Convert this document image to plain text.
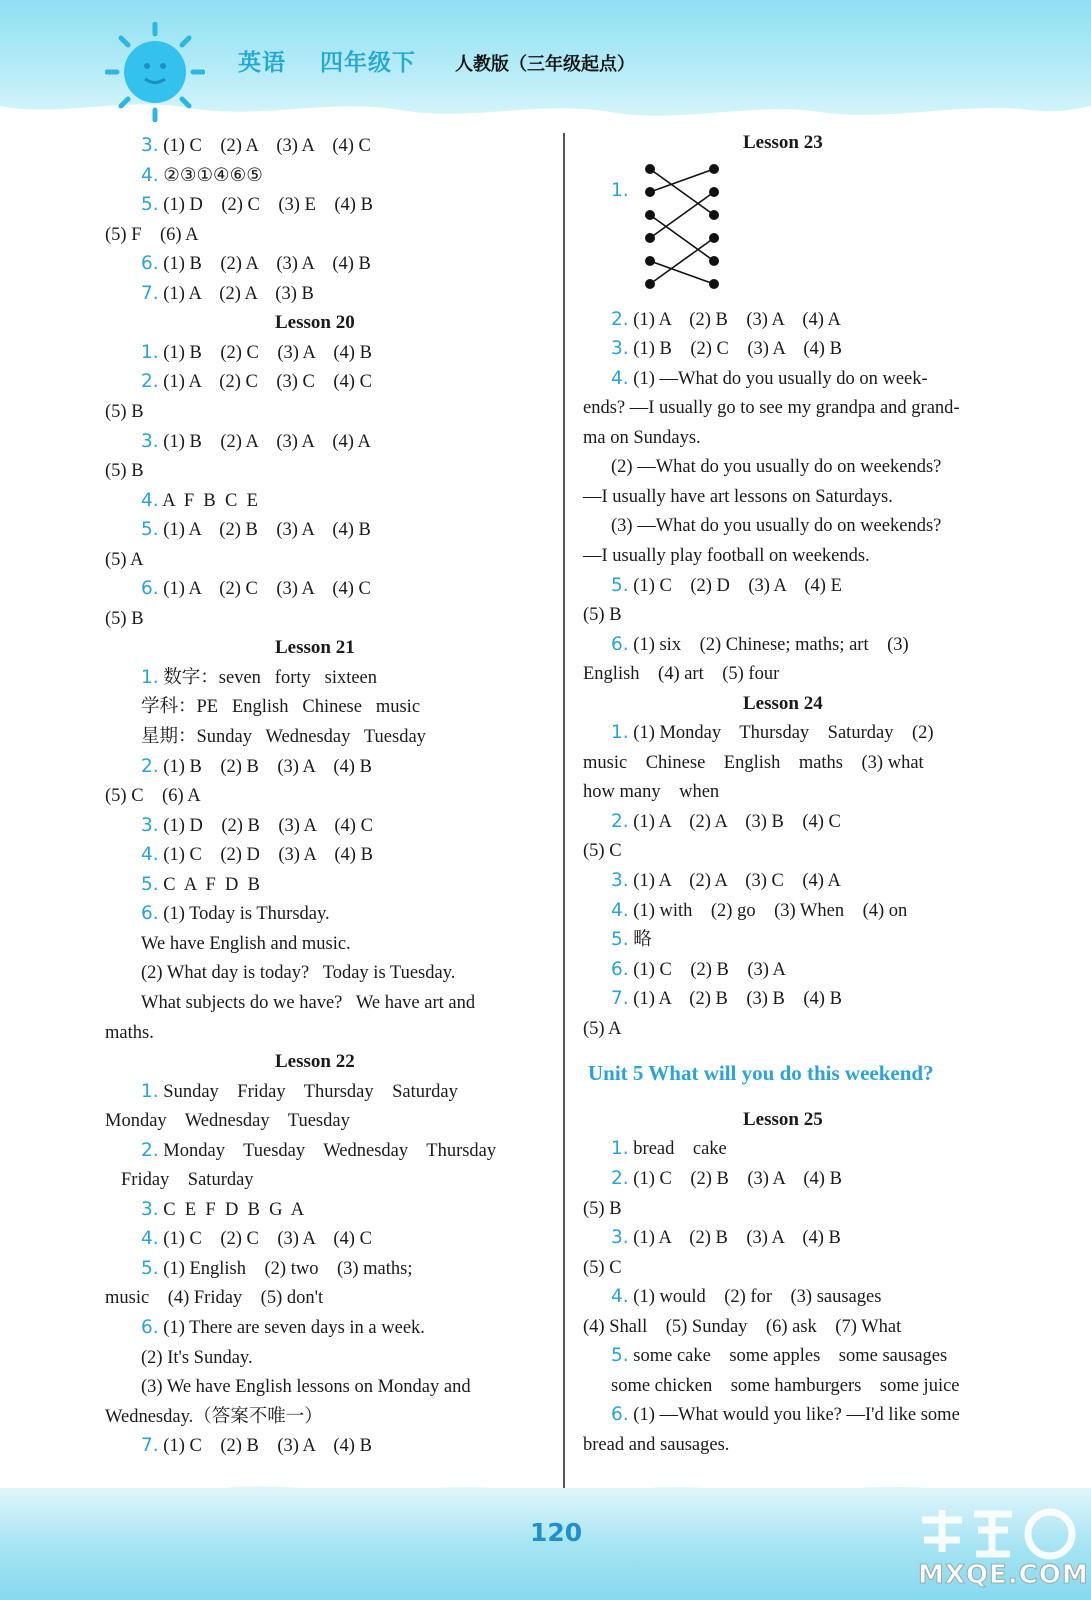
英语 四年级下 人教版（三年级起点）
3. (1) C    (2) A    (3) A    (4) C
4. ②③①④⑥⑤
5. (1) D    (2) C    (3) E    (4) B
(5) F    (6) A
6. (1) B    (2) A    (3) A    (4) B
7. (1) A    (2) A    (3) B
Lesson 20
1. (1) B    (2) C    (3) A    (4) B
2. (1) A    (2) C    (3) C    (4) C
(5) B
3. (1) B    (2) A    (3) A    (4) A
(5) B
4. A  F  B  C  E
5. (1) A    (2) B    (3) A    (4) B
(5) A
6. (1) A    (2) C    (3) A    (4) C
(5) B
Lesson 21
1. 数字：seven   forty   sixteen
学科：PE   English   Chinese   music
星期：Sunday   Wednesday   Tuesday
2. (1) B    (2) B    (3) A    (4) B
(5) C    (6) A
3. (1) D    (2) B    (3) A    (4) C
4. (1) C    (2) D    (3) A    (4) B
5. C  A  F  D  B
6. (1) Today is Thursday.
We have English and music.
(2) What day is today?   Today is Tuesday.
What subjects do we have?   We have art and
maths.
Lesson 22
1. Sunday    Friday    Thursday    Saturday
Monday    Wednesday    Tuesday
2. Monday    Tuesday    Wednesday    Thursday
Friday    Saturday
3. C  E  F  D  B  G  A
4. (1) C    (2) C    (3) A    (4) C
5. (1) English    (2) two    (3) maths;
music    (4) Friday    (5) don't
6. (1) There are seven days in a week.
(2) It's Sunday.
(3) We have English lessons on Monday and
Wednesday.（答案不唯一）
7. (1) C    (2) B    (3) A    (4) B
Lesson 23
1.
2. (1) A    (2) B    (3) A    (4) A
3. (1) B    (2) C    (3) A    (4) B
4. (1) —What do you usually do on week-
ends? —I usually go to see my grandpa and grand-
ma on Sundays.
(2) —What do you usually do on weekends?
—I usually have art lessons on Saturdays.
(3) —What do you usually do on weekends?
—I usually play football on weekends.
5. (1) C    (2) D    (3) A    (4) E
(5) B
6. (1) six    (2) Chinese; maths; art    (3)
English    (4) art    (5) four
Lesson 24
1. (1) Monday    Thursday    Saturday    (2)
music    Chinese    English    maths    (3) what
how many    when
2. (1) A    (2) A    (3) B    (4) C
(5) C
3. (1) A    (2) A    (3) C    (4) A
4. (1) with    (2) go    (3) When    (4) on
5. 略
6. (1) C    (2) B    (3) A
7. (1) A    (2) B    (3) B    (4) B
(5) A
Unit 5 What will you do this weekend?
Lesson 25
1. bread    cake
2. (1) C    (2) B    (3) A    (4) B
(5) B
3. (1) A    (2) B    (3) A    (4) B
(5) C
4. (1) would    (2) for    (3) sausages
(4) Shall    (5) Sunday    (6) ask    (7) What
5. some cake    some apples    some sausages
some chicken    some hamburgers    some juice
6. (1) —What would you like? —I'd like some
bread and sausages.
120
MXQE.COM
